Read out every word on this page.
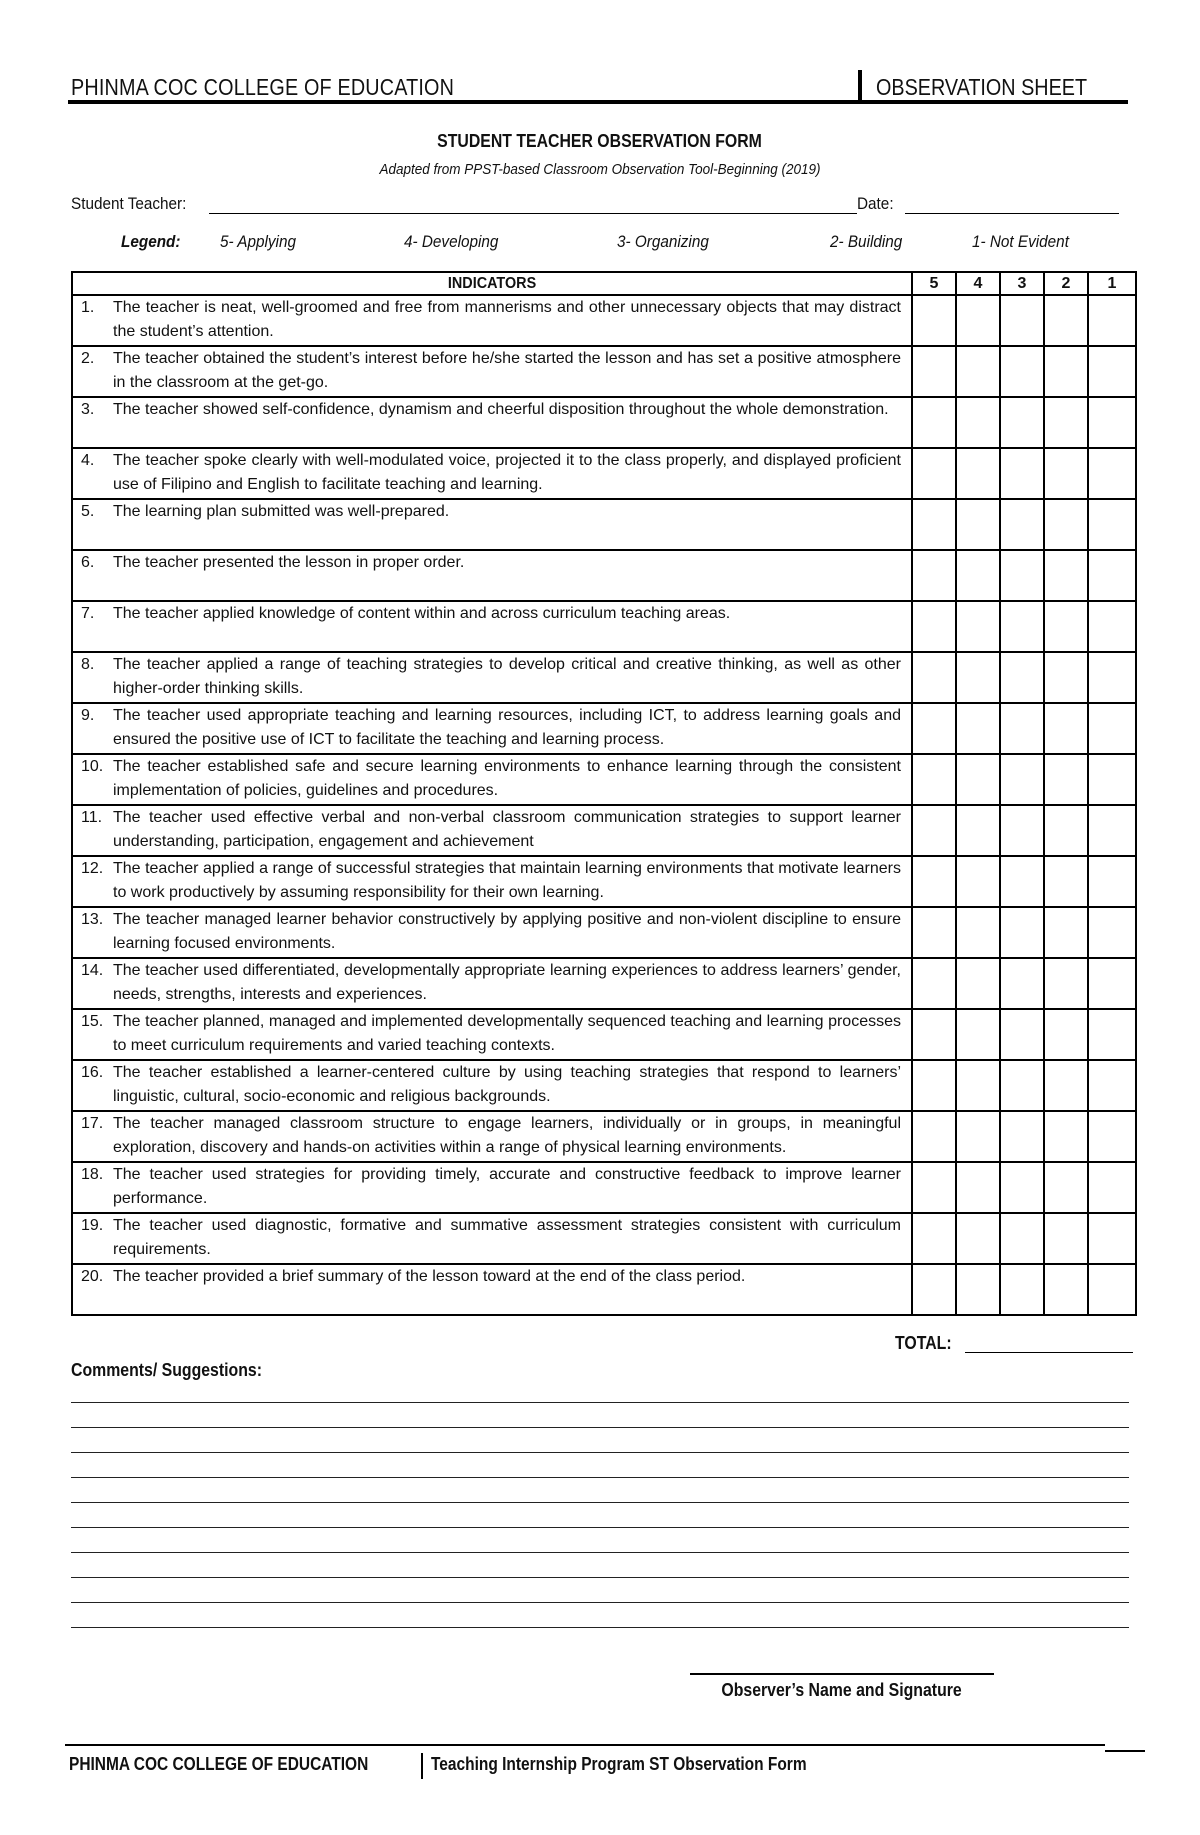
PHINMA COC COLLEGE OF EDUCATION	OBSERVATION SHEET
STUDENT TEACHER OBSERVATION FORM
Adapted from PPST-based Classroom Observation Tool-Beginning (2019)
Student Teacher:	Date:
Legend: 5- Applying	4- Developing	3- Organizing	2- Building	1- Not Evident
INDICATORS	5	4	3	2	1

1. The teacher is neat, well-groomed and free from mannerisms and other unnecessary objects that may distract the student’s attention.					

2. The teacher obtained the student’s interest before he/she started the lesson and has set a positive atmosphere in the classroom at the get-go.					

3. The teacher showed self-confidence, dynamism and cheerful disposition throughout the whole demonstration.					

4. The teacher spoke clearly with well-modulated voice, projected it to the class properly, and displayed proficient use of Filipino and English to facilitate teaching and learning.					

5. The learning plan submitted was well-prepared.					

6. The teacher presented the lesson in proper order.					

7. The teacher applied knowledge of content within and across curriculum teaching areas.					

8. The teacher applied a range of teaching strategies to develop critical and creative thinking, as well as other higher-order thinking skills.					

9. The teacher used appropriate teaching and learning resources, including ICT, to address learning goals and ensured the positive use of ICT to facilitate the teaching and learning process.					

10. The teacher established safe and secure learning environments to enhance learning through the consistent implementation of policies, guidelines and procedures.					

11. The teacher used effective verbal and non-verbal classroom communication strategies to support learner understanding, participation, engagement and achievement					

12. The teacher applied a range of successful strategies that maintain learning environments that motivate learners to work productively by assuming responsibility for their own learning.					

13. The teacher managed learner behavior constructively by applying positive and non-violent discipline to ensure learning focused environments.					

14. The teacher used differentiated, developmentally appropriate learning experiences to address learners’ gender, needs, strengths, interests and experiences.					

15. The teacher planned, managed and implemented developmentally sequenced teaching and learning processes to meet curriculum requirements and varied teaching contexts.					

16. The teacher established a learner-centered culture by using teaching strategies that respond to learners’ linguistic, cultural, socio-economic and religious backgrounds.					

17. The teacher managed classroom structure to engage learners, individually or in groups, in meaningful exploration, discovery and hands-on activities within a range of physical learning environments.					

18. The teacher used strategies for providing timely, accurate and constructive feedback to improve learner performance.					

19. The teacher used diagnostic, formative and summative assessment strategies consistent with curriculum requirements.					

20. The teacher provided a brief summary of the lesson toward at the end of the class period.					

TOTAL:
Comments/ Suggestions:
Observer’s Name and Signature
PHINMA COC COLLEGE OF EDUCATION	Teaching Internship Program ST Observation Form
